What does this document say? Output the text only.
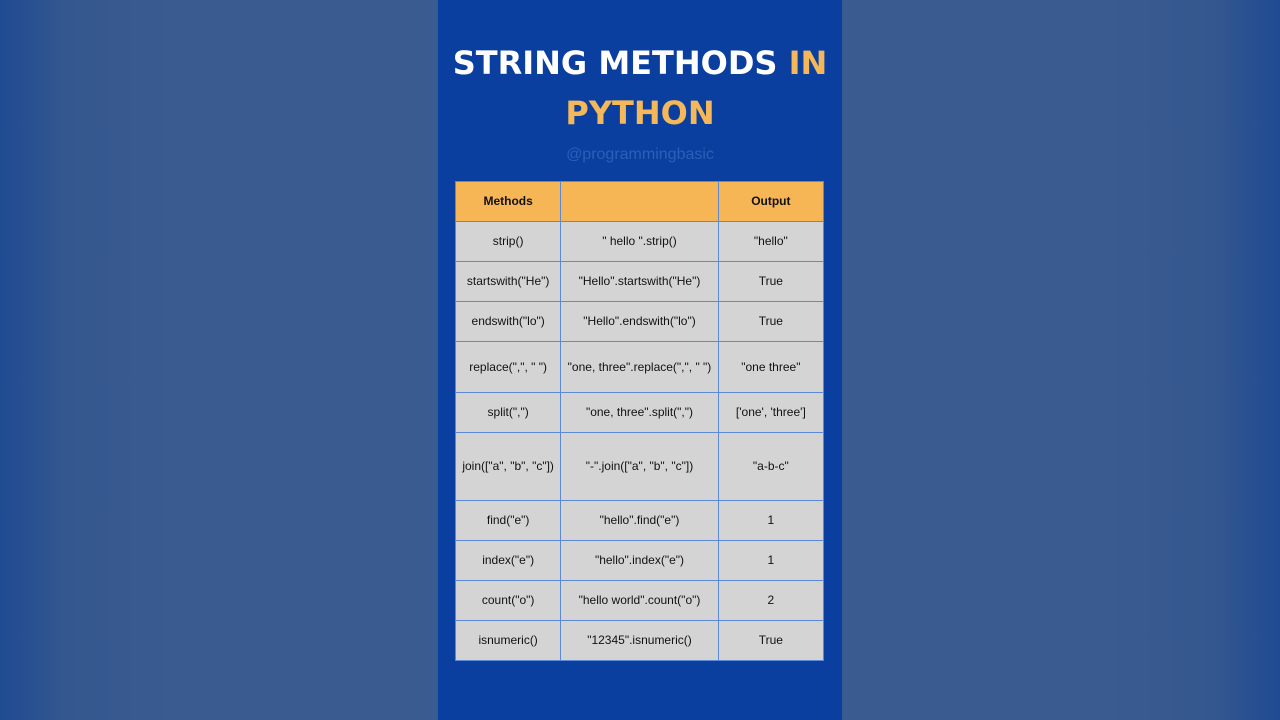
STRING METHODS IN
PYTHON
@programmingbasic
Methods		Output
strip()	" hello ".strip()	"hello"
startswith("He")	"Hello".startswith("He")	True
endswith("lo")	"Hello".endswith("lo")	True
replace(",", " ")	"one, three".replace(",", " ")	"one three"
split(",")	"one, three".split(",")	['one', 'three']
join(["a", "b", "c"])	"-".join(["a", "b", "c"])	"a-b-c"
find("e")	"hello".find("e")	1
index("e")	"hello".index("e")	1
count("o")	"hello world".count("o")	2
isnumeric()	"12345".isnumeric()	True
